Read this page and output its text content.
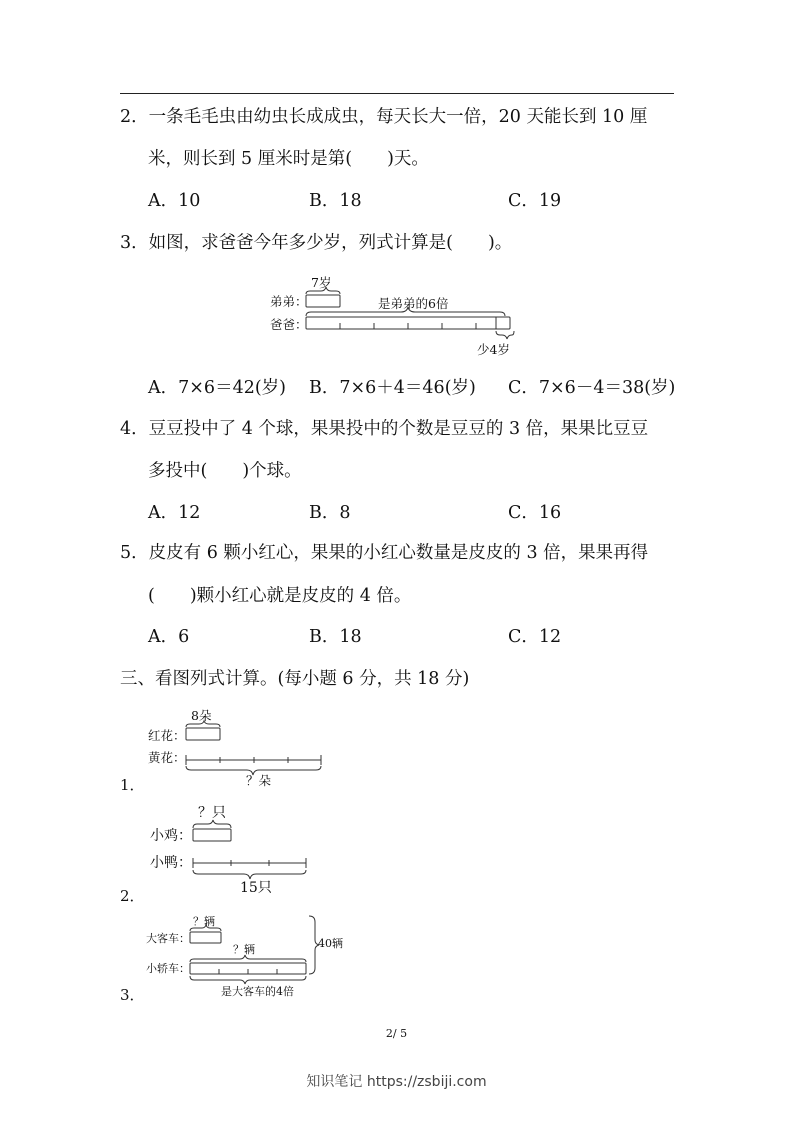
2．一条毛毛虫由幼虫长成成虫，每天长大一倍，20 天能长到 10 厘
米，则长到 5 厘米时是第(　　)天。
A．10	B．18	C．19
3．如图，求爸爸今年多少岁，列式计算是(　　)。
7岁
弟弟：	是弟弟的6倍
爸爸：
少4岁
A．7×6＝42(岁) B．7×6＋4＝46(岁) C．7×6－4＝38(岁)
4．豆豆投中了 4 个球，果果投中的个数是豆豆的 3 倍，果果比豆豆
多投中(　　)个球。
A．12	B．8	C．16
5．皮皮有 6 颗小红心，果果的小红心数量是皮皮的 3 倍，果果再得
(　　)颗小红心就是皮皮的 4 倍。
A．6	B．18	C．12
三、看图列式计算。(每小题 6 分，共 18 分)
8朵
红花：
黄花：
？朵
1．
？只
小鸡：
小鸭：
15只
2．
？辆
大客车：	40辆
？辆
小轿车：
是大客车的4倍
3．
2/ 5
知识笔记 https://zsbiji.com
